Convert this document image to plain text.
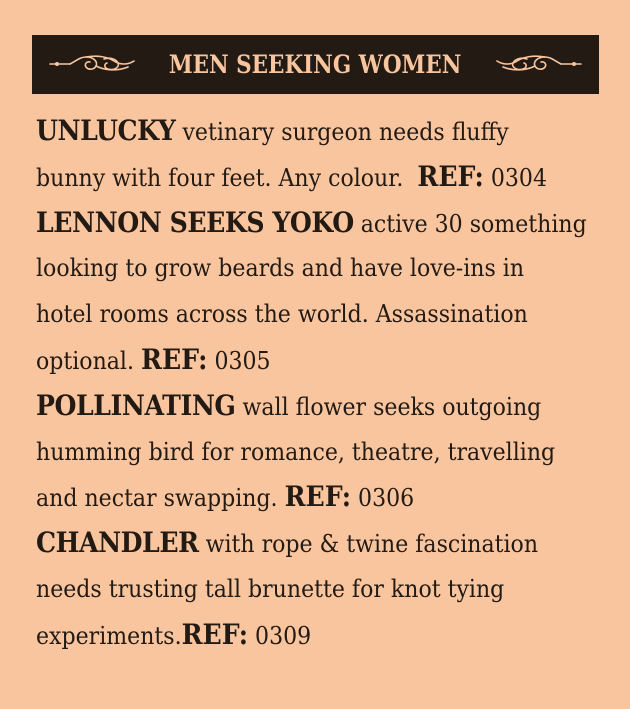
MEN SEEKING WOMEN
UNLUCKY vetinary surgeon needs fluffy
bunny with four feet. Any colour. REF: 0304
LENNON SEEKS YOKO active 30 something
looking to grow beards and have love-ins in
hotel rooms across the world. Assassination
optional. REF: 0305
POLLINATING wall flower seeks outgoing
humming bird for romance, theatre, travelling
and nectar swapping. REF: 0306
CHANDLER with rope & twine fascination
needs trusting tall brunette for knot tying
experiments.REF: 0309
